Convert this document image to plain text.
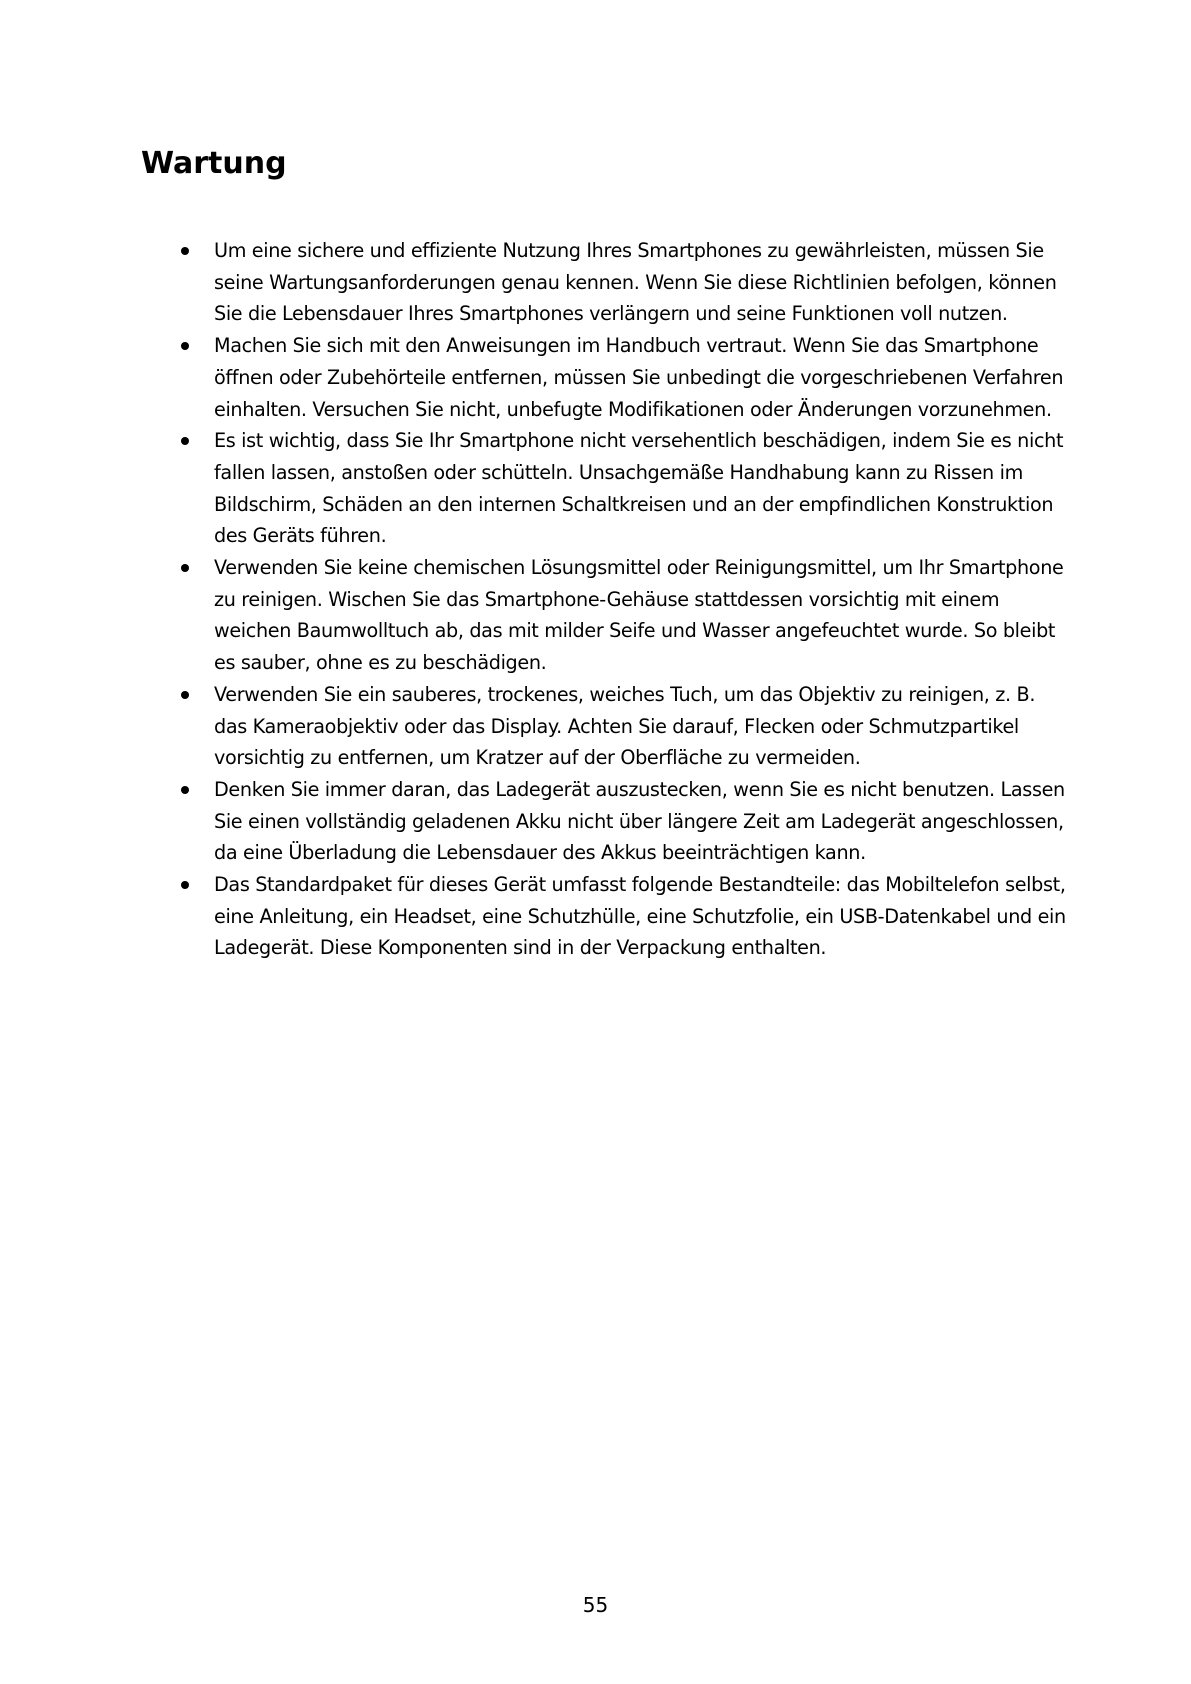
Wartung
Um eine sichere und effiziente Nutzung Ihres Smartphones zu gewährleisten, müssen Sie seine Wartungsanforderungen genau kennen. Wenn Sie diese Richtlinien befolgen, können Sie die Lebensdauer Ihres Smartphones verlängern und seine Funktionen voll nutzen.
Machen Sie sich mit den Anweisungen im Handbuch vertraut. Wenn Sie das Smartphone öffnen oder Zubehörteile entfernen, müssen Sie unbedingt die vorgeschriebenen Verfahren einhalten. Versuchen Sie nicht, unbefugte Modifikationen oder Änderungen vorzunehmen.
Es ist wichtig, dass Sie Ihr Smartphone nicht versehentlich beschädigen, indem Sie es nicht fallen lassen, anstoßen oder schütteln. Unsachgemäße Handhabung kann zu Rissen im Bildschirm, Schäden an den internen Schaltkreisen und an der empfindlichen Konstruktion des Geräts führen.
Verwenden Sie keine chemischen Lösungsmittel oder Reinigungsmittel, um Ihr Smartphone zu reinigen. Wischen Sie das Smartphone-Gehäuse stattdessen vorsichtig mit einem weichen Baumwolltuch ab, das mit milder Seife und Wasser angefeuchtet wurde. So bleibt es sauber, ohne es zu beschädigen.
Verwenden Sie ein sauberes, trockenes, weiches Tuch, um das Objektiv zu reinigen, z. B. das Kameraobjektiv oder das Display. Achten Sie darauf, Flecken oder Schmutzpartikel vorsichtig zu entfernen, um Kratzer auf der Oberfläche zu vermeiden.
Denken Sie immer daran, das Ladegerät auszustecken, wenn Sie es nicht benutzen. Lassen Sie einen vollständig geladenen Akku nicht über längere Zeit am Ladegerät angeschlossen, da eine Überladung die Lebensdauer des Akkus beeinträchtigen kann.
Das Standardpaket für dieses Gerät umfasst folgende Bestandteile: das Mobiltelefon selbst, eine Anleitung, ein Headset, eine Schutzhülle, eine Schutzfolie, ein USB-Datenkabel und ein Ladegerät. Diese Komponenten sind in der Verpackung enthalten.
55
